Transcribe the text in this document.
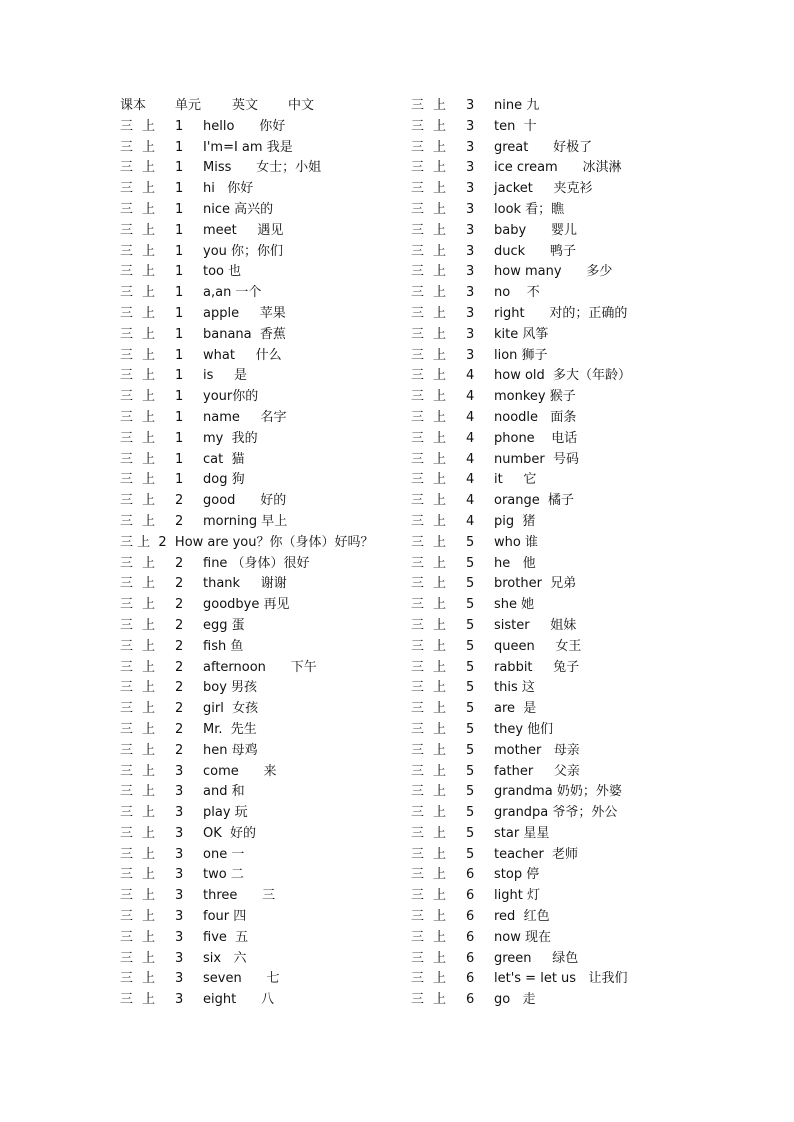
课本 单元 英文 中文
三 上 1 hello      你好
三 上 1 I'm=I am 我是
三 上 1 Miss      女士；小姐
三 上 1 hi   你好
三 上 1 nice 高兴的
三 上 1 meet     遇见
三 上 1 you 你；你们
三 上 1 too 也
三 上 1 a,an 一个
三 上 1 apple     苹果
三 上 1 banana  香蕉
三 上 1 what     什么
三 上 1 is     是
三 上 1 your你的
三 上 1 name     名字
三 上 1 my  我的
三 上 1 cat  猫
三 上 1 dog 狗
三 上 2 good      好的
三 上 2 morning 早上
三 上  2  How are you？你（身体）好吗？
三 上 2 fine （身体）很好
三 上 2 thank     谢谢
三 上 2 goodbye 再见
三 上 2 egg 蛋
三 上 2 fish 鱼
三 上 2 afternoon      下午
三 上 2 boy 男孩
三 上 2 girl  女孩
三 上 2 Mr.  先生
三 上 2 hen 母鸡
三 上 3 come      来
三 上 3 and 和
三 上 3 play 玩
三 上 3 OK  好的
三 上 3 one 一
三 上 3 two 二
三 上 3 three      三
三 上 3 four 四
三 上 3 five  五
三 上 3 six   六
三 上 3 seven      七
三 上 3 eight      八
三 上 3 nine 九
三 上 3 ten  十
三 上 3 great      好极了
三 上 3 ice cream      冰淇淋
三 上 3 jacket     夹克衫
三 上 3 look 看；瞧
三 上 3 baby      婴儿
三 上 3 duck      鸭子
三 上 3 how many      多少
三 上 3 no    不
三 上 3 right      对的；正确的
三 上 3 kite 风筝
三 上 3 lion 狮子
三 上 4 how old  多大（年龄）
三 上 4 monkey 猴子
三 上 4 noodle   面条
三 上 4 phone    电话
三 上 4 number  号码
三 上 4 it     它
三 上 4 orange  橘子
三 上 4 pig  猪
三 上 5 who 谁
三 上 5 he   他
三 上 5 brother  兄弟
三 上 5 she 她
三 上 5 sister     姐妹
三 上 5 queen     女王
三 上 5 rabbit     兔子
三 上 5 this 这
三 上 5 are  是
三 上 5 they 他们
三 上 5 mother   母亲
三 上 5 father     父亲
三 上 5 grandma 奶奶；外婆
三 上 5 grandpa 爷爷；外公
三 上 5 star 星星
三 上 5 teacher  老师
三 上 6 stop 停
三 上 6 light 灯
三 上 6 red  红色
三 上 6 now 现在
三 上 6 green     绿色
三 上 6 let's = let us   让我们
三 上 6 go   走
